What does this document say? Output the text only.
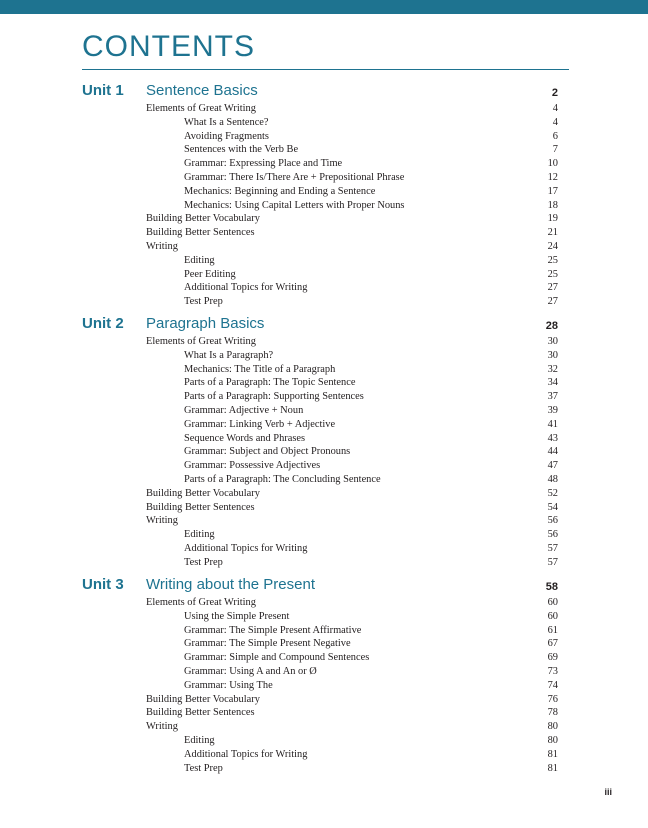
CONTENTS
Unit 1 Sentence Basics	2
Elements of Great Writing	4
What Is a Sentence?	4
Avoiding Fragments	6
Sentences with the Verb Be	7
Grammar: Expressing Place and Time	10
Grammar: There Is/There Are + Prepositional Phrase	12
Mechanics: Beginning and Ending a Sentence	17
Mechanics: Using Capital Letters with Proper Nouns	18
Building Better Vocabulary	19
Building Better Sentences	21
Writing	24
Editing	25
Peer Editing	25
Additional Topics for Writing	27
Test Prep	27
Unit 2 Paragraph Basics	28
Elements of Great Writing	30
What Is a Paragraph?	30
Mechanics: The Title of a Paragraph	32
Parts of a Paragraph: The Topic Sentence	34
Parts of a Paragraph: Supporting Sentences	37
Grammar: Adjective + Noun	39
Grammar: Linking Verb + Adjective	41
Sequence Words and Phrases	43
Grammar: Subject and Object Pronouns	44
Grammar: Possessive Adjectives	47
Parts of a Paragraph: The Concluding Sentence	48
Building Better Vocabulary	52
Building Better Sentences	54
Writing	56
Editing	56
Additional Topics for Writing	57
Test Prep	57
Unit 3 Writing about the Present	58
Elements of Great Writing	60
Using the Simple Present	60
Grammar: The Simple Present Affirmative	61
Grammar: The Simple Present Negative	67
Grammar: Simple and Compound Sentences	69
Grammar: Using A and An or Ø	73
Grammar: Using The	74
Building Better Vocabulary	76
Building Better Sentences	78
Writing	80
Editing	80
Additional Topics for Writing	81
Test Prep	81
iii
